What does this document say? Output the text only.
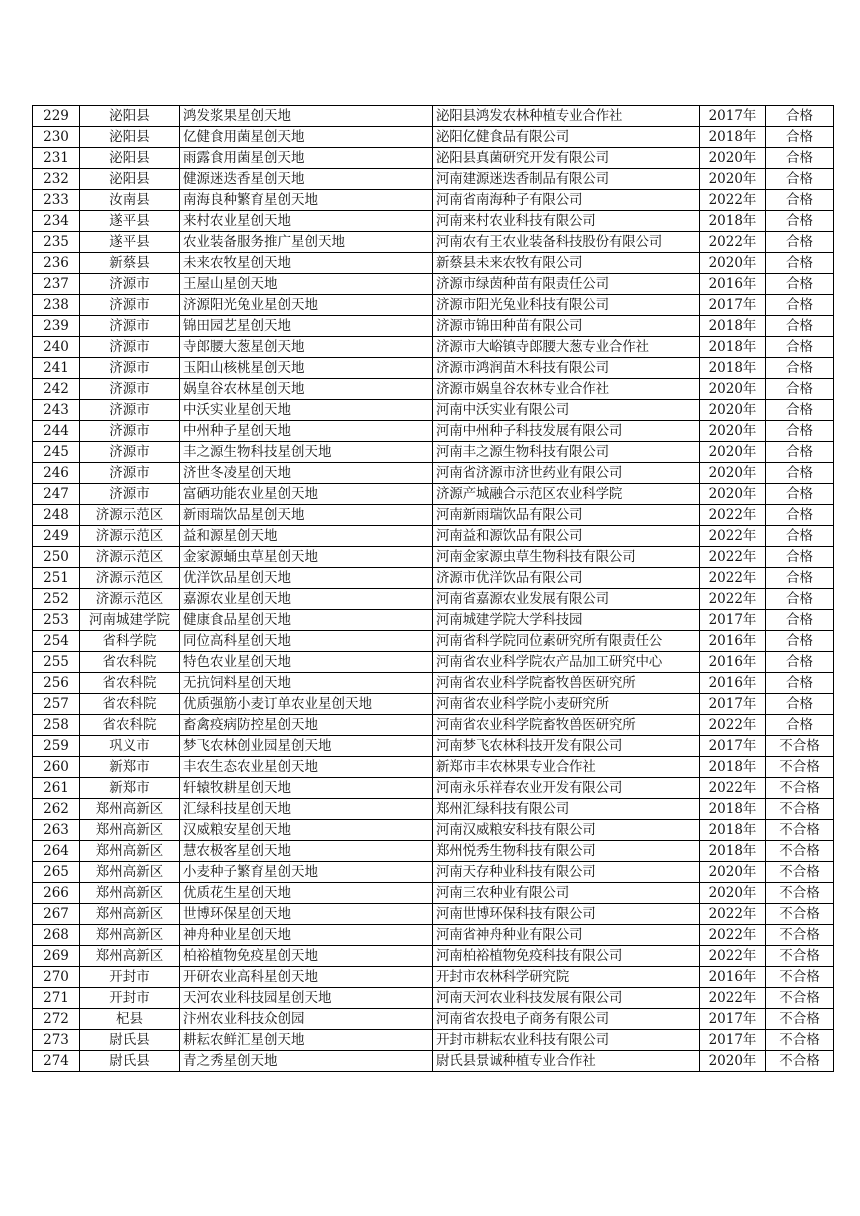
229	泌阳县	鸿发浆果星创天地	泌阳县鸿发农林种植专业合作社	2017年	合格
230	泌阳县	亿健食用菌星创天地	泌阳亿健食品有限公司	2018年	合格
231	泌阳县	雨露食用菌星创天地	泌阳县真菌研究开发有限公司	2020年	合格
232	泌阳县	健源迷迭香星创天地	河南建源迷迭香制品有限公司	2020年	合格
233	汝南县	南海良种繁育星创天地	河南省南海种子有限公司	2022年	合格
234	遂平县	来村农业星创天地	河南来村农业科技有限公司	2018年	合格
235	遂平县	农业装备服务推广星创天地	河南农有王农业装备科技股份有限公司	2022年	合格
236	新蔡县	未来农牧星创天地	新蔡县未来农牧有限公司	2020年	合格
237	济源市	王屋山星创天地	济源市绿茵种苗有限责任公司	2016年	合格
238	济源市	济源阳光兔业星创天地	济源市阳光兔业科技有限公司	2017年	合格
239	济源市	锦田园艺星创天地	济源市锦田种苗有限公司	2018年	合格
240	济源市	寺郎腰大葱星创天地	济源市大峪镇寺郎腰大葱专业合作社	2018年	合格
241	济源市	玉阳山核桃星创天地	济源市鸿润苗木科技有限公司	2018年	合格
242	济源市	娲皇谷农林星创天地	济源市娲皇谷农林专业合作社	2020年	合格
243	济源市	中沃实业星创天地	河南中沃实业有限公司	2020年	合格
244	济源市	中州种子星创天地	河南中州种子科技发展有限公司	2020年	合格
245	济源市	丰之源生物科技星创天地	河南丰之源生物科技有限公司	2020年	合格
246	济源市	济世冬凌星创天地	河南省济源市济世药业有限公司	2020年	合格
247	济源市	富硒功能农业星创天地	济源产城融合示范区农业科学院	2020年	合格
248	济源示范区	新雨瑞饮品星创天地	河南新雨瑞饮品有限公司	2022年	合格
249	济源示范区	益和源星创天地	河南益和源饮品有限公司	2022年	合格
250	济源示范区	金家源蛹虫草星创天地	河南金家源虫草生物科技有限公司	2022年	合格
251	济源示范区	优洋饮品星创天地	济源市优洋饮品有限公司	2022年	合格
252	济源示范区	嘉源农业星创天地	河南省嘉源农业发展有限公司	2022年	合格
253	河南城建学院	健康食品星创天地	河南城建学院大学科技园	2017年	合格
254	省科学院	同位高科星创天地	河南省科学院同位素研究所有限责任公	2016年	合格
255	省农科院	特色农业星创天地	河南省农业科学院农产品加工研究中心	2016年	合格
256	省农科院	无抗饲料星创天地	河南省农业科学院畜牧兽医研究所	2016年	合格
257	省农科院	优质强筋小麦订单农业星创天地	河南省农业科学院小麦研究所	2017年	合格
258	省农科院	畜禽疫病防控星创天地	河南省农业科学院畜牧兽医研究所	2022年	合格
259	巩义市	梦飞农林创业园星创天地	河南梦飞农林科技开发有限公司	2017年	不合格
260	新郑市	丰农生态农业星创天地	新郑市丰农林果专业合作社	2018年	不合格
261	新郑市	轩辕牧耕星创天地	河南永乐祥春农业开发有限公司	2022年	不合格
262	郑州高新区	汇绿科技星创天地	郑州汇绿科技有限公司	2018年	不合格
263	郑州高新区	汉威粮安星创天地	河南汉威粮安科技有限公司	2018年	不合格
264	郑州高新区	慧农极客星创天地	郑州悦秀生物科技有限公司	2018年	不合格
265	郑州高新区	小麦种子繁育星创天地	河南天存种业科技有限公司	2020年	不合格
266	郑州高新区	优质花生星创天地	河南三农种业有限公司	2020年	不合格
267	郑州高新区	世博环保星创天地	河南世博环保科技有限公司	2022年	不合格
268	郑州高新区	神舟种业星创天地	河南省神舟种业有限公司	2022年	不合格
269	郑州高新区	柏裕植物免疫星创天地	河南柏裕植物免疫科技有限公司	2022年	不合格
270	开封市	开研农业高科星创天地	开封市农林科学研究院	2016年	不合格
271	开封市	天河农业科技园星创天地	河南天河农业科技发展有限公司	2022年	不合格
272	杞县	汴州农业科技众创园	河南省农投电子商务有限公司	2017年	不合格
273	尉氏县	耕耘农鲜汇星创天地	开封市耕耘农业科技有限公司	2017年	不合格
274	尉氏县	青之秀星创天地	尉氏县景诚种植专业合作社	2020年	不合格
